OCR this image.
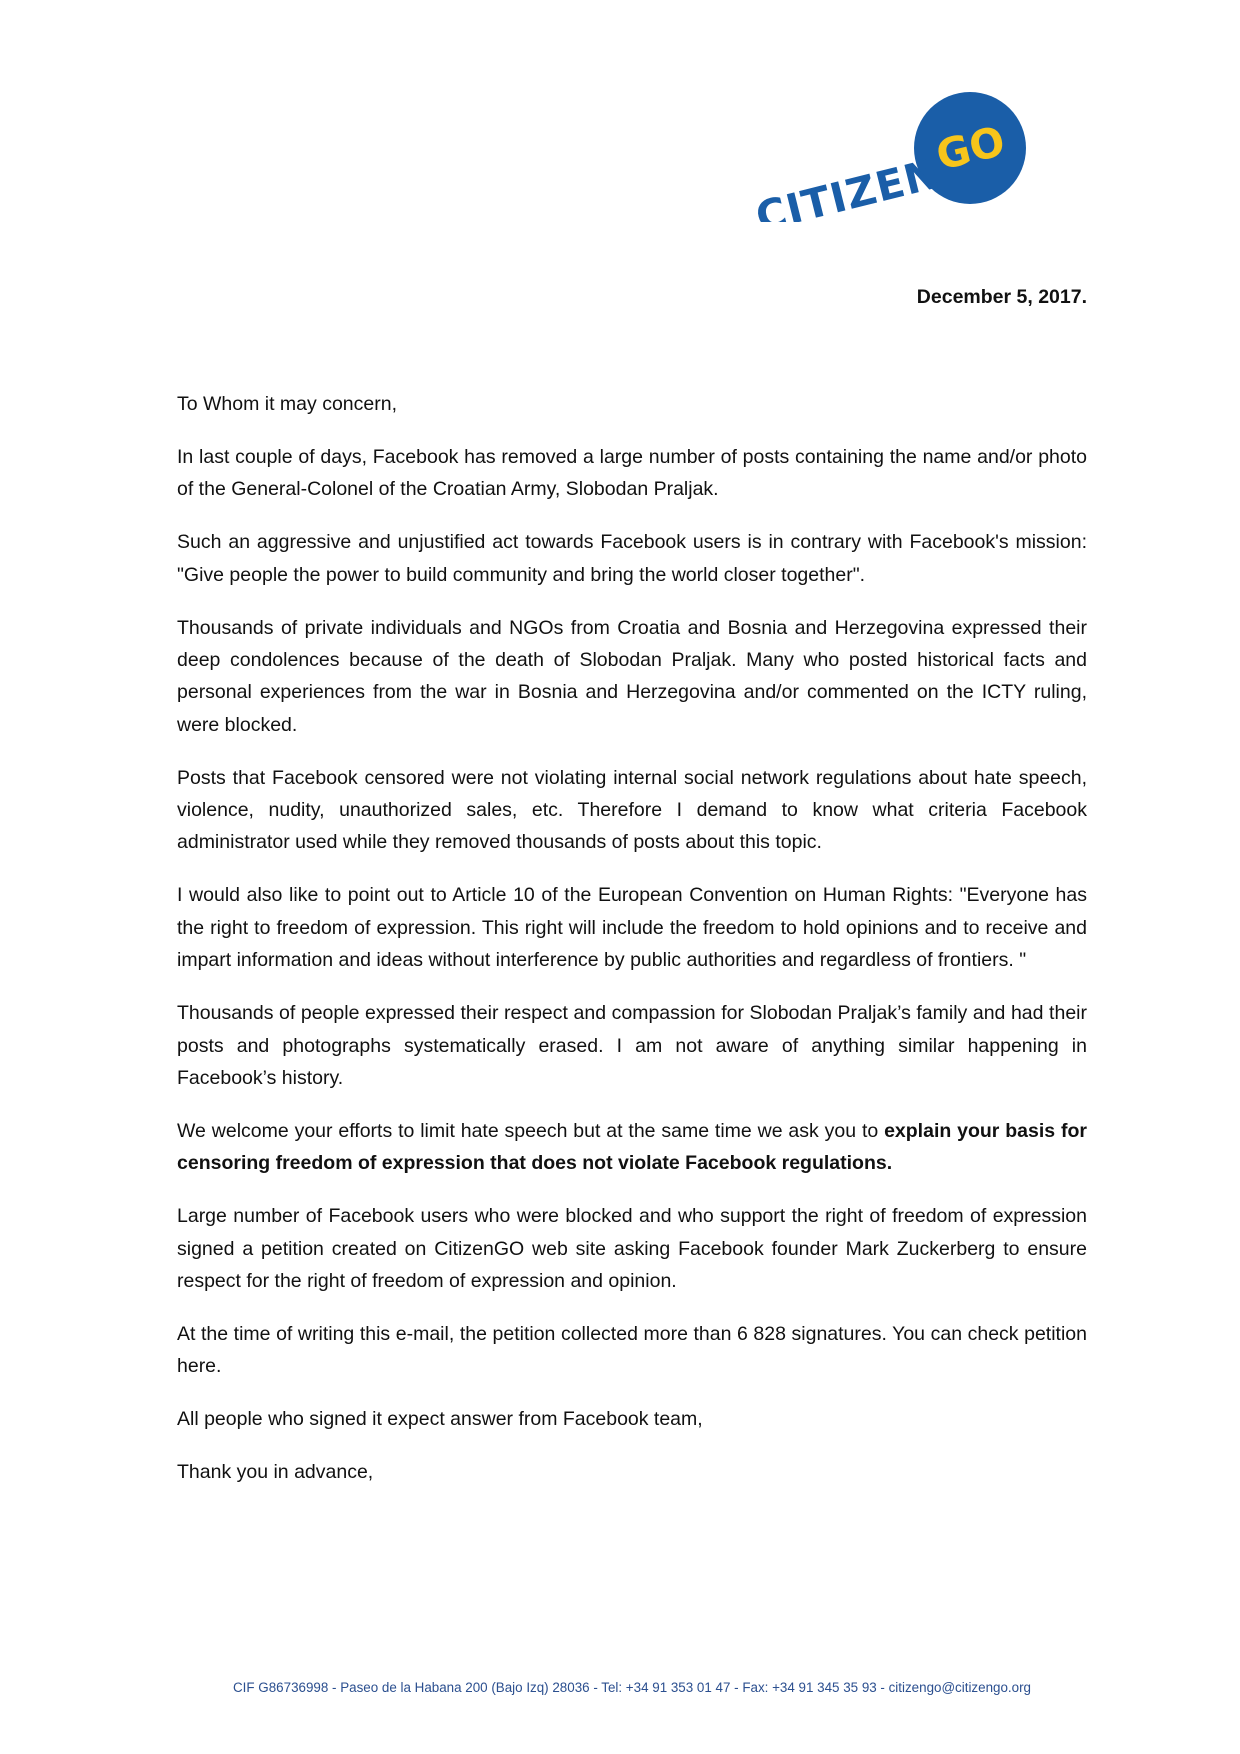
CITIZEN
GO
December 5, 2017.

To Whom it may concern,

In last couple of days, Facebook has removed a large number of posts containing the name and/or photo of the General-Colonel of the Croatian Army, Slobodan Praljak.

Such an aggressive and unjustified act towards Facebook users is in contrary with Facebook's mission: "Give people the power to build community and bring the world closer together".

Thousands of private individuals and NGOs from Croatia and Bosnia and Herzegovina expressed their deep condolences because of the death of Slobodan Praljak. Many who posted historical facts and personal experiences from the war in Bosnia and Herzegovina and/or commented on the ICTY ruling, were blocked.

Posts that Facebook censored were not violating internal social network regulations about hate speech, violence, nudity, unauthorized sales, etc. Therefore I demand to know what criteria Facebook administrator used while they removed thousands of posts about this topic.

I would also like to point out to Article 10 of the European Convention on Human Rights: "Everyone has the right to freedom of expression. This right will include the freedom to hold opinions and to receive and impart information and ideas without interference by public authorities and regardless of frontiers. "

Thousands of people expressed their respect and compassion for Slobodan Praljak’s family and had their posts and photographs systematically erased. I am not aware of anything similar happening in Facebook’s history.

We welcome your efforts to limit hate speech but at the same time we ask you to explain your basis for censoring freedom of expression that does not violate Facebook regulations.

Large number of Facebook users who were blocked and who support the right of freedom of expression signed a petition created on CitizenGO web site asking Facebook founder Mark Zuckerberg to ensure respect for the right of freedom of expression and opinion.

At the time of writing this e-mail, the petition collected more than 6 828 signatures. You can check petition here.

All people who signed it expect answer from Facebook team,

Thank you in advance,

CIF G86736998 - Paseo de la Habana 200 (Bajo Izq) 28036 - Tel: +34 91 353 01 47 - Fax: +34 91 345 35 93 - citizengo@citizengo.org
